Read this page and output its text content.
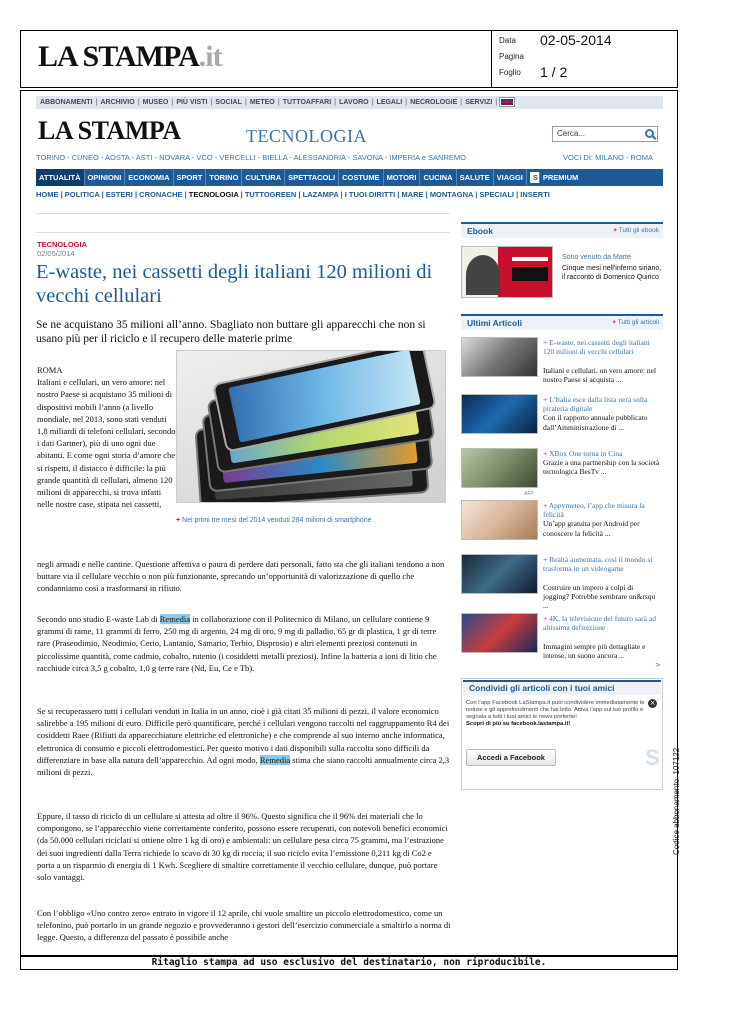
LA STAMPA.it	Data 02-05-2014
Pagina
Foglio 1 / 2
ABBONAMENTI | ARCHIVIO | MUSEO | PIÙ VISTI | SOCIAL | METEO | TUTTOAFFARI | LAVORO | LEGALI | NECROLOGIE | SERVIZI |
LA STAMPA	TECNOLOGIA	Cerca...
TORINO - CUNEO - AOSTA - ASTI - NOVARA - VCO - VERCELLI - BIELLA - ALESSANDRIA - SAVONA - IMPERIA e SANREMO	VOCI DI: MILANO - ROMA
ATTUALITÀ OPINIONI ECONOMIA SPORT TORINO CULTURA SPETTACOLI COSTUME MOTORI CUCINA SALUTE VIAGGI	S PREMIUM
HOME | POLITICA | ESTERI | CRONACHE | TECNOLOGIA | TUTTOGREEN | LAZAMPA | I TUOI DIRITTI | MARE | MONTAGNA | SPECIALI | INSERTI
TECNOLOGIA
02/05/2014
E-waste, nei cassetti degli italiani 120 milioni di vecchi cellulari
Se ne acquistano 35 milioni all’anno. Sbagliato non buttare gli apparecchi che non si usano più per il riciclo e il recupero delle materie prime
+ Nei primi tre mesi del 2014 venduti 284 milioni di smartphone
ROMA
Italiani e cellulari, un vero amore: nel nostro Paese si acquistano 35 milioni di dispositivi mobili l’anno (a livello mondiale, nel 2013, sono stati venduti 1,8 miliardi di telefoni cellulari, secondo i dati Gartner), più di uno ogni due abitanti. E come ogni storia d’amore che si rispetti, il distacco è difficile: la più grande quantità di cellulari, almeno 120 milioni di apparecchi, si trova infatti nelle nostre case, stipata nei cassetti,
negli armadi e nelle cantine. Questione affettiva o paura di perdere dati personali, fatto sta che gli italiani tendono a non buttare via il cellulare vecchio o non più funzionante, sprecando un’opportunità di valorizzazione di quello che condanniamo così a trasformarsi in rifiuto.
Secondo uno studio E-waste Lab di Remedia in collaborazione con il Politecnico di Milano, un cellulare contiene 9 grammi di rame, 11 grammi di ferro, 250 mg di argento, 24 mg di oro, 9 mg di palladio, 65 gr di plastica, 1 gr di terre rare (Praseodimio, Neodimio, Cerio, Lantanio, Samario, Terbio, Disprosio) e altri elementi preziosi contenuti in piccolissime quantità, come cadmio, cobalto, rutenio (i cosiddetti metalli preziosi). Infine la batteria a ioni di litio che racchiude circa 3,5 g cobalto, 1,0 g terre rare (Nd, Eu, Ce e Tb).
Se si recuperassero tutti i cellulari venduti in Italia in un anno, cioè i già citati 35 milioni di pezzi, il valore economico salirebbe a 195 milioni di euro. Difficile però quantificare, perché i cellulari vengono raccolti nel raggruppamento R4 dei cosiddetti Raee (Rifiuti da apparecchiature elettriche ed elettroniche) e che comprende al suo interno anche informatica, elettronica di consumo e piccoli elettrodomestici. Per questo motivo i dati disponibili sulla raccolta sono difficili da differenziare in base alla natura dell’apparecchio. Ad ogni modo, Remedia stima che siano raccolti annualmente circa 2,3 milioni di pezzi.
Eppure, il tasso di riciclo di un cellulare si attesta ad oltre il 96%. Questo significa che il 96% dei materiali che lo compongono, se l’apparecchio viene correttamente conferito, possono essere recuperati, con notevoli benefici economici (da 50.000 cellulari riciclati si ottiene oltre 1 kg di oro) e ambientali: un cellulare pesa circa 75 grammi, ma l’estrazione dei suoi ingredienti dalla Terra richiede lo scavo di 30 kg di roccia; il suo riciclo evita l’emissione 0,211 kg di Co2 e porta a un risparmio di energia di 1 Kwh. Scegliere di smaltire correttamente il vecchio cellulare, dunque, può portare solo vantaggi.
Con l’obbligo «Uno contro zero» entrato in vigore il 12 aprile, chi vuole smaltire un piccolo elettrodomestico, come un telefonino, può portarlo in un grande negozio e provvederanno i gestori dell’esercizio commerciale a smaltirlo a norma di legge. Questo, a differenza del passato è possibile anche
Ebook	+ Tutti gli ebook
Sono venuto da Marte
Cinque mesi nell’inferno siriano, il racconto di Domenico Quirico
Ultimi Articoli	+ Tutti gli articoli
+ E-waste, nei cassetti degli italiani 120 milioni di vecchi cellulari
Italiani e cellulari, un vero amore: nel nostro Paese si acquista ...
+ L’Italia esce dalla lista nera sulla pirateria digitale
Con il rapporto annuale pubblicato dall’Amministrazione di ...
+ XBox One torna in Cina
Grazie a una partnership con la società tecnologica BesTv ...
AFP
+ Appymeteo, l’app che misura la felicità
Un’app gratuita per Android per conoscere la felicità ...
+ Realtà aumentata, così il mondo si trasforma in un videogame
Costruire un impero a colpi di jogging? Potrebbe sembrare un&rsqu ...
+ 4K, la televisione del futuro sarà ad altissima definizione
Immagini sempre più dettagliate e intense, un suono ancora ...
>
Condividi gli articoli con i tuoi amici
Con l’app Facebook LaStampa.it puoi condividere immediatamente le notizie e gli approfondimenti che hai letto. Attiva l’app sul tuo profilo e segnala a tutti i tuoi amici le news preferite!
Scopri di più su facebook.lastampa.it!
×
Accedi a Facebook	S
Ritaglio stampa ad uso esclusivo del destinatario, non riproducibile.
Codice abbonamento: 107122
